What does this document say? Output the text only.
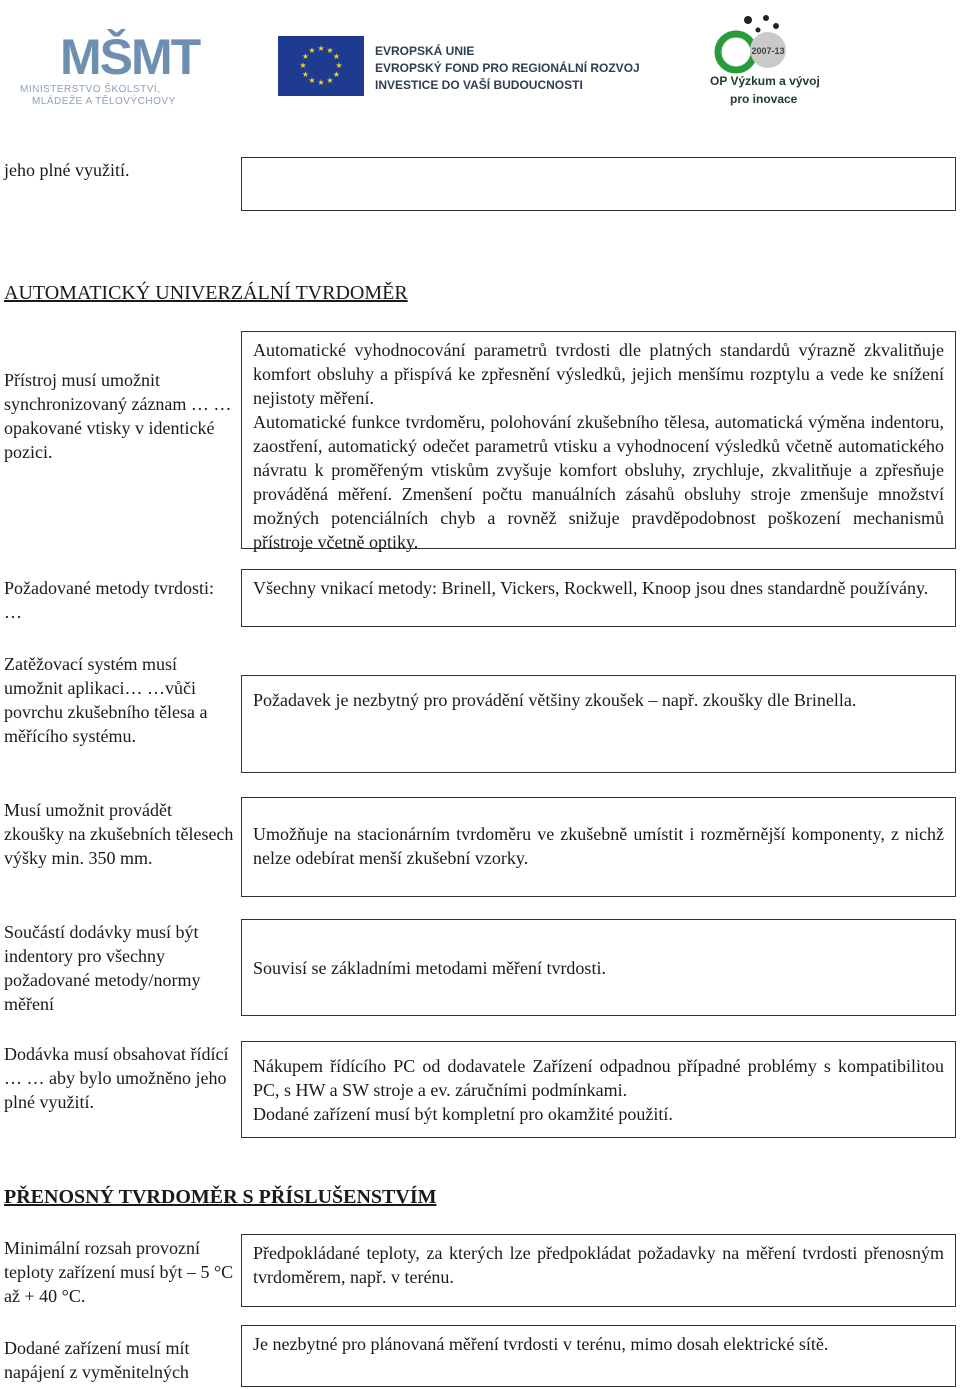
MŠMT
MINISTERSTVO ŠKOLSTVÍ,
MLÁDEŽE A TĚLOVÝCHOVY
★ ★
★
★
★
★
★
★
★
★
★
★	EVROPSKÁ UNIE
EVROPSKÝ FOND PRO REGIONÁLNÍ ROZVOJ
INVESTICE DO VAŠÍ BUDOUCNOSTI
2007-13
OP Výzkum a vývoj
pro inovace
jeho plné využití.
AUTOMATICKÝ UNIVERZÁLNÍ TVRDOMĚR
Přístroj musí umožnit synchronizovaný záznam … …opakované vtisky v identické pozici.

Automatické vyhodnocování parametrů tvrdosti dle platných standardů výrazně zkvalitňuje komfort obsluhy a přispívá ke zpřesnění výsledků, jejich menšímu rozptylu a vede ke snížení nejistoty měření.

Automatické funkce tvrdoměru, polohování zkušebního tělesa, automatická výměna indentoru, zaostření, automatický odečet parametrů vtisku a vyhodnocení výsledků včetně automatického návratu k proměřeným vtiskům zvyšuje komfort obsluhy, zrychluje, zkvalitňuje a zpřesňuje prováděná měření. Zmenšení počtu manuálních zásahů obsluhy stroje zmenšuje množství možných potenciálních chyb a rovněž snižuje pravděpodobnost poškození mechanismů přístroje včetně optiky.

Požadované metody tvrdosti: …

Všechny vnikací metody: Brinell, Vickers, Rockwell, Knoop jsou dnes standardně používány.

Zatěžovací systém musí umožnit aplikaci… …vůči povrchu zkušebního tělesa a měřícího systému.

Požadavek je nezbytný pro provádění většiny zkoušek – např. zkoušky dle Brinella.

Musí umožnit provádět zkoušky na zkušebních tělesech výšky min. 350 mm.

Umožňuje na stacionárním tvrdoměru ve zkušebně umístit i rozměrnější komponenty, z nichž nelze odebírat menší zkušební vzorky.

Součástí dodávky musí být indentory pro všechny požadované metody/normy měření

Souvisí se základními metodami měření tvrdosti.

Dodávka musí obsahovat řídící … … aby bylo umožněno jeho plné využití.

Nákupem řídícího PC od dodavatele Zařízení odpadnou případné problémy s kompatibilitou PC, s HW a SW stroje a ev. záručními podmínkami.

Dodané zařízení musí být kompletní pro okamžité použití.

PŘENOSNÝ TVRDOMĚR S PŘÍSLUŠENSTVÍM
Minimální rozsah provozní teploty zařízení musí být – 5 °C až + 40 °C.

Předpokládané teploty, za kterých lze předpokládat požadavky na měření tvrdosti přenosným tvrdoměrem, např. v terénu.

Dodané zařízení musí mít napájení z vyměnitelných

Je nezbytné pro plánovaná měření tvrdosti v terénu, mimo dosah elektrické sítě.
